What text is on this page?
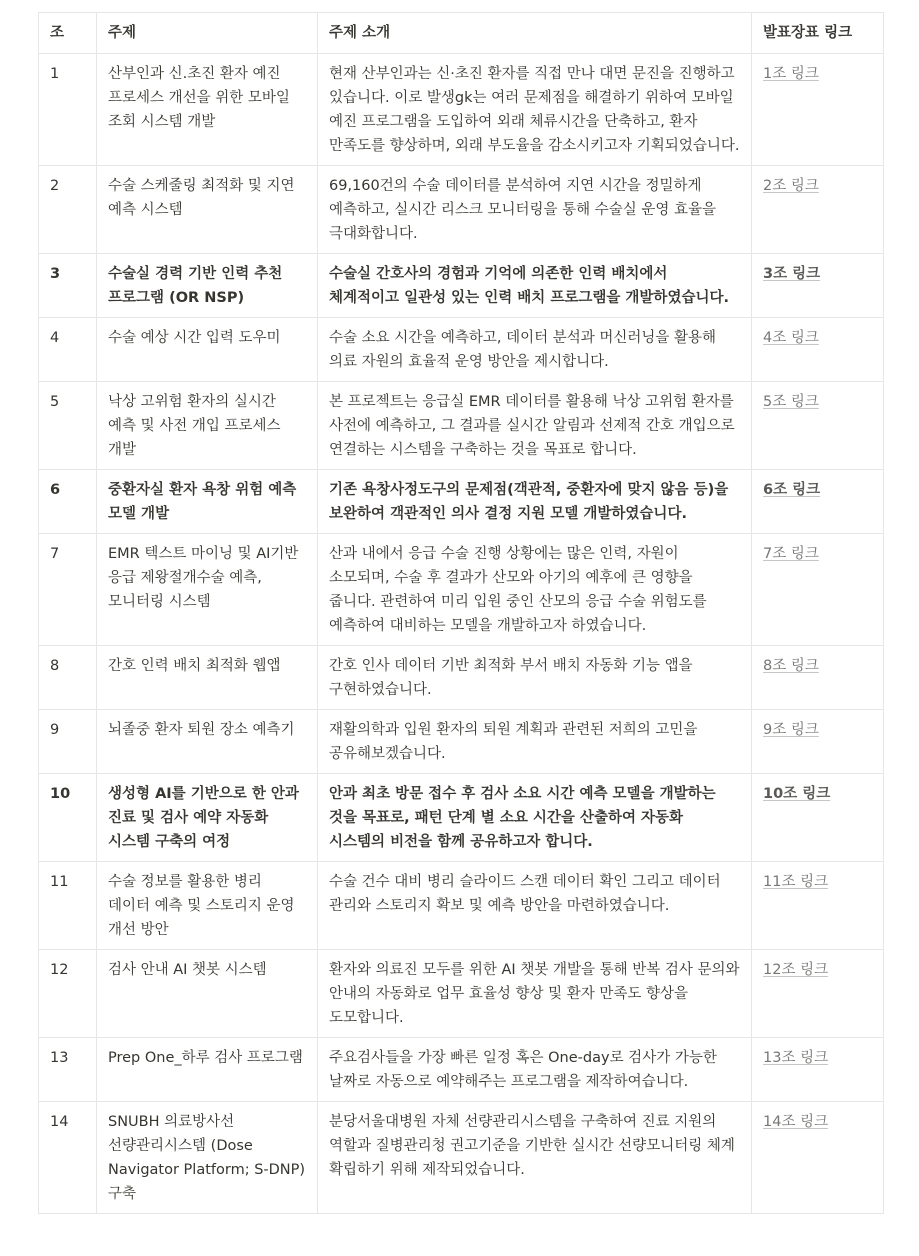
조	주제	주제 소개	발표장표 링크
1	산부인과 신.초진 환자 예진 프로세스 개선을 위한 모바일 조회 시스템 개발	현재 산부인과는 신·초진 환자를 직접 만나 대면 문진을 진행하고 있습니다. 이로 발생gk는 여러 문제점을 해결하기 위하여 모바일 예진 프로그램을 도입하여 외래 체류시간을 단축하고, 환자 만족도를 향상하며, 외래 부도율을 감소시키고자 기획되었습니다.	1조 링크
2	수술 스케줄링 최적화 및 지연 예측 시스템	69,160건의 수술 데이터를 분석하여 지연 시간을 정밀하게 예측하고, 실시간 리스크 모니터링을 통해 수술실 운영 효율을 극대화합니다.	2조 링크
3	수술실 경력 기반 인력 추천 프로그램 (OR NSP)	수술실 간호사의 경험과 기억에 의존한 인력 배치에서 체계적이고 일관성 있는 인력 배치 프로그램을 개발하였습니다.	3조 링크
4	수술 예상 시간 입력 도우미	수술 소요 시간을 예측하고, 데이터 분석과 머신러닝을 활용해 의료 자원의 효율적 운영 방안을 제시합니다.	4조 링크
5	낙상 고위험 환자의 실시간 예측 및 사전 개입 프로세스 개발	본 프로젝트는 응급실 EMR 데이터를 활용해 낙상 고위험 환자를 사전에 예측하고, 그 결과를 실시간 알림과 선제적 간호 개입으로 연결하는 시스템을 구축하는 것을 목표로 합니다.	5조 링크
6	중환자실 환자 욕창 위험 예측 모델 개발	기존 욕창사정도구의 문제점(객관적, 중환자에 맞지 않음 등)을 보완하여 객관적인 의사 결정 지원 모델 개발하였습니다.	6조 링크
7	EMR 텍스트 마이닝 및 AI기반 응급 제왕절개수술 예측, 모니터링 시스템	산과 내에서 응급 수술 진행 상황에는 많은 인력, 자원이 소모되며, 수술 후 결과가 산모와 아기의 예후에 큰 영향을 줍니다. 관련하여 미리 입원 중인 산모의 응급 수술 위험도를 예측하여 대비하는 모델을 개발하고자 하였습니다.	7조 링크
8	간호 인력 배치 최적화 웹앱	간호 인사 데이터 기반 최적화 부서 배치 자동화 기능 앱을 구현하였습니다.	8조 링크
9	뇌졸중 환자 퇴원 장소 예측기	재활의학과 입원 환자의 퇴원 계획과 관련된 저희의 고민을 공유해보겠습니다.	9조 링크
10	생성형 AI를 기반으로 한 안과 진료 및 검사 예약 자동화 시스템 구축의 여정	안과 최초 방문 접수 후 검사 소요 시간 예측 모델을 개발하는 것을 목표로, 패턴 단계 별 소요 시간을 산출하여 자동화 시스템의 비전을 함께 공유하고자 합니다.	10조 링크
11	수술 정보를 활용한 병리 데이터 예측 및 스토리지 운영 개선 방안	수술 건수 대비 병리 슬라이드 스캔 데이터 확인 그리고 데이터 관리와 스토리지 확보 및 예측 방안을 마련하였습니다.	11조 링크
12	검사 안내 AI 챗봇 시스템	환자와 의료진 모두를 위한 AI 챗봇 개발을 통해 반복 검사 문의와 안내의 자동화로 업무 효율성 향상 및 환자 만족도 향상을 도모합니다.	12조 링크
13	Prep One_하루 검사 프로그램	주요검사들을 가장 빠른 일정 혹은 One-day로 검사가 가능한 날짜로 자동으로 예약해주는 프로그램을 제작하여습니다.	13조 링크
14	SNUBH 의료방사선 선량관리시스템 (Dose Navigator Platform; S-DNP) 구축	분당서울대병원 자체 선량관리시스템을 구축하여 진료 지원의 역할과 질병관리청 권고기준을 기반한 실시간 선량모니터링 체계 확립하기 위해 제작되었습니다.	14조 링크
